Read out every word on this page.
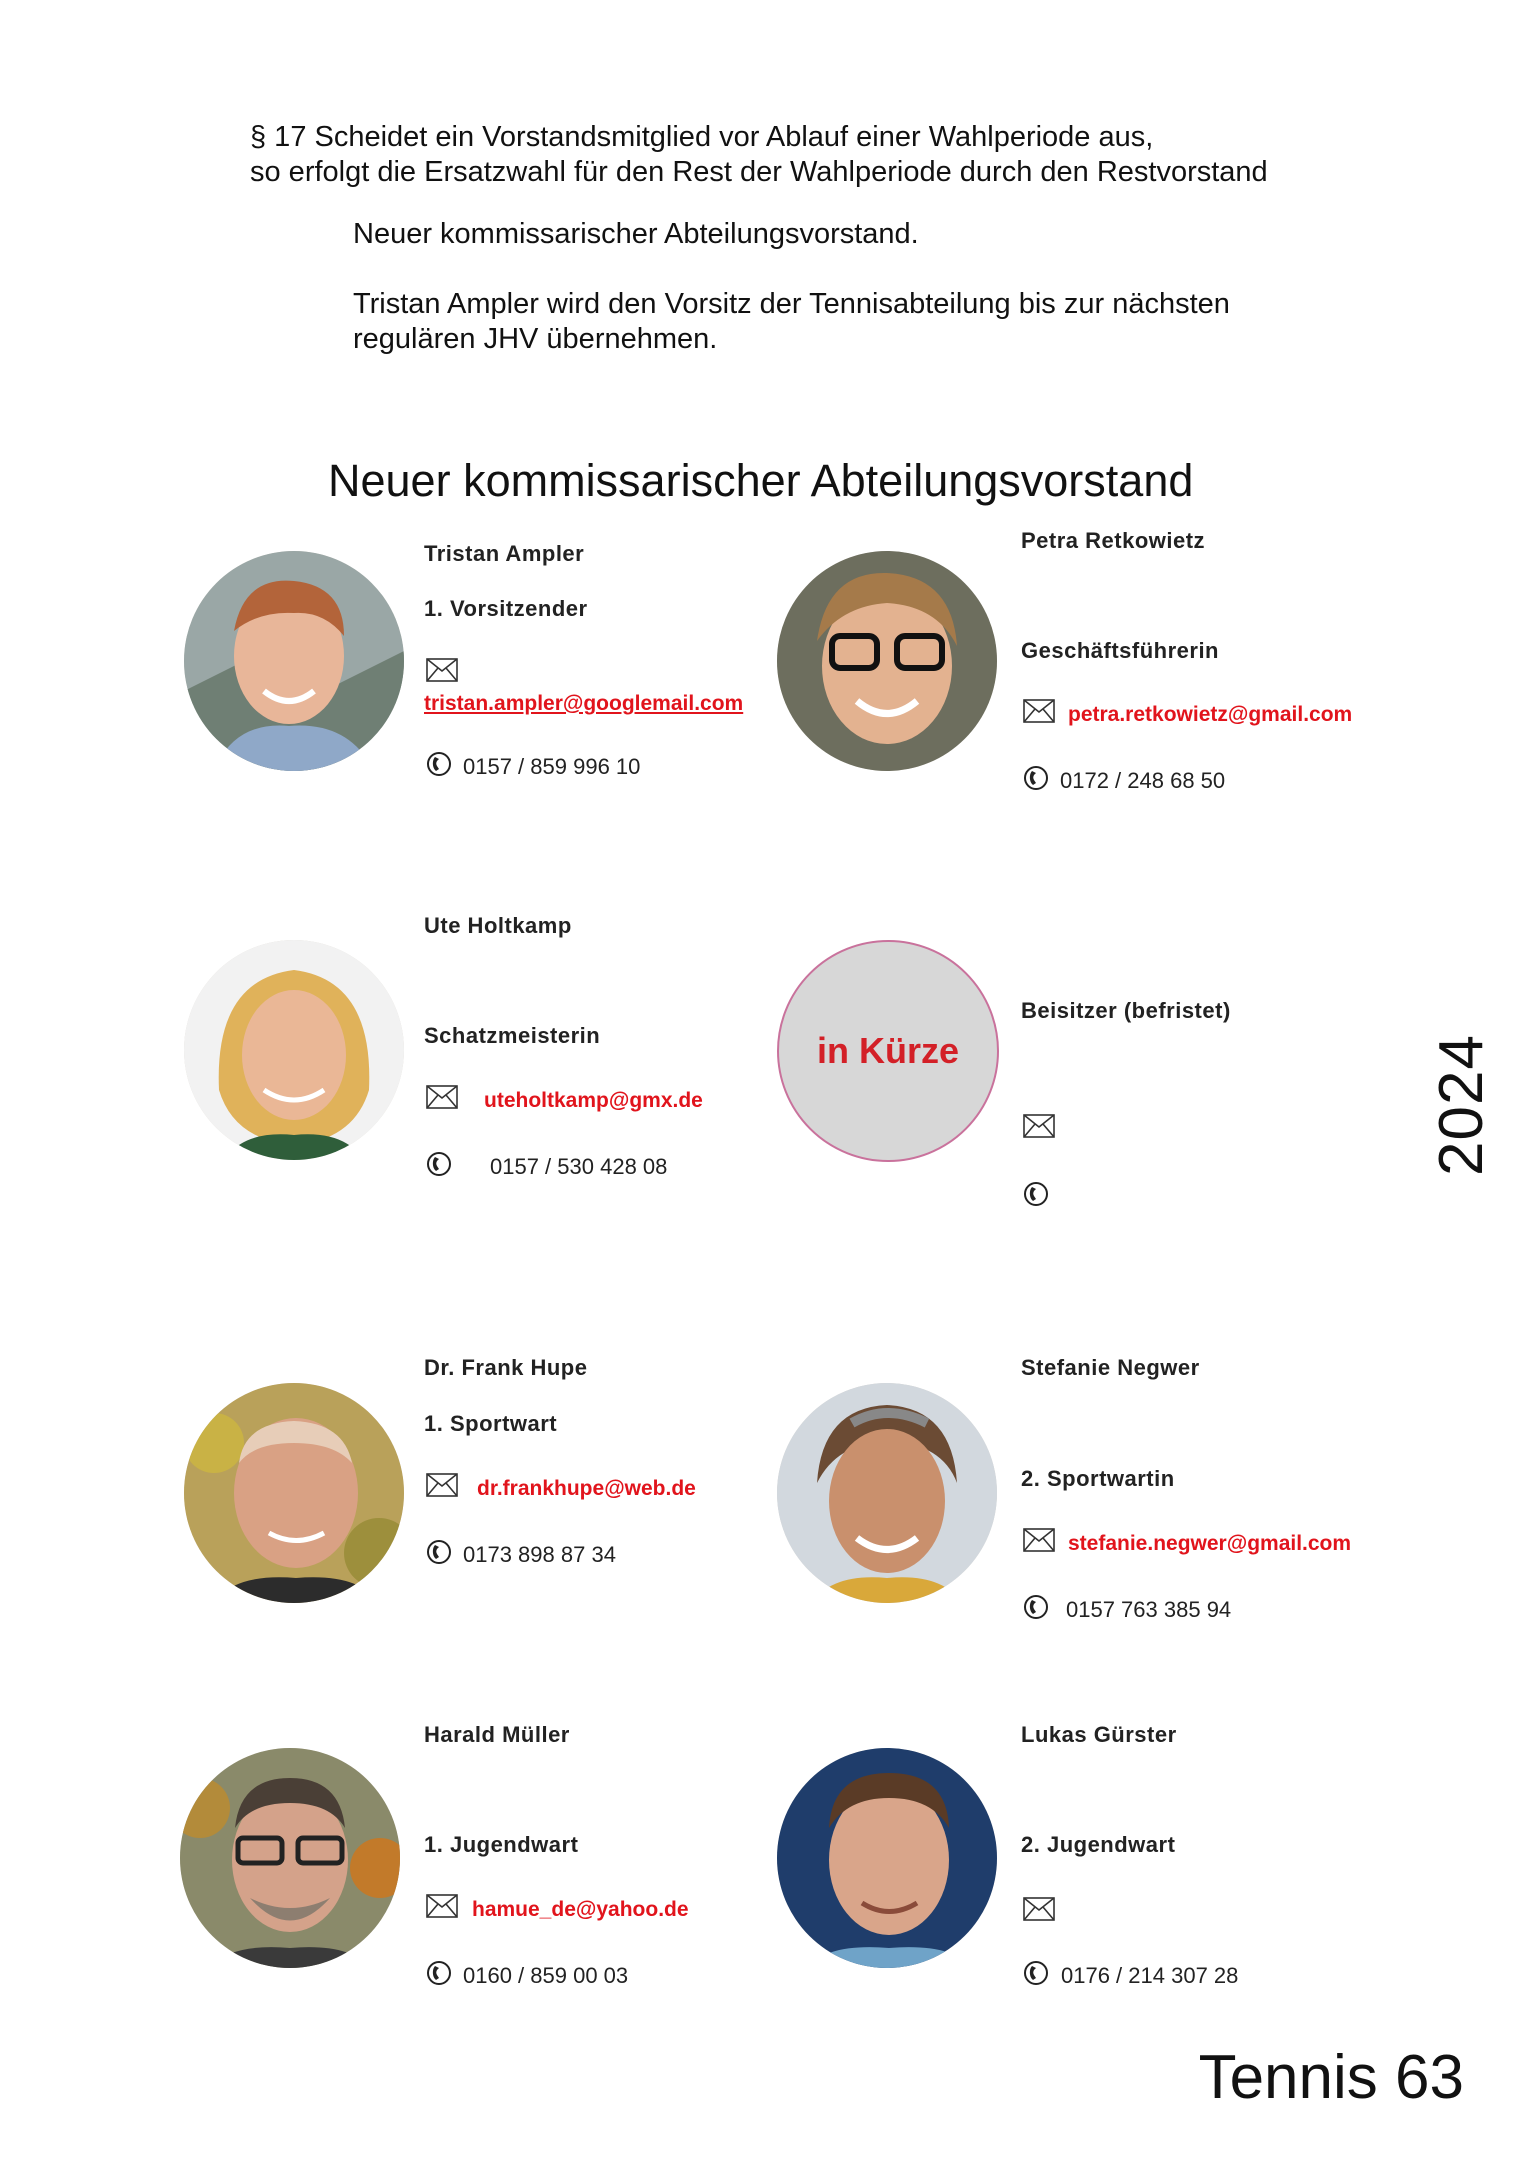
§ 17 Scheidet ein Vorstandsmitglied vor Ablauf einer Wahlperiode aus,
so erfolgt die Ersatzwahl für den Rest der Wahlperiode durch den Restvorstand
Neuer kommissarischer Abteilungsvorstand.
Tristan Ampler wird den Vorsitz der Tennisabteilung bis zur nächsten
regulären JHV übernehmen.
Neuer kommissarischer Abteilungsvorstand
2024
Tennis 63
Tristan Ampler
1. Vorsitzender
tristan.ampler@googlemail.com
0157 / 859 996 10
Petra Retkowietz
Geschäftsführerin
petra.retkowietz@gmail.com
0172 / 248 68 50
Ute Holtkamp
Schatzmeisterin
uteholtkamp@gmx.de
0157 / 530 428 08
in Kürze
Beisitzer (befristet)
Dr. Frank Hupe
1. Sportwart
dr.frankhupe@web.de
0173 898 87 34
Stefanie Negwer
2. Sportwartin
stefanie.negwer@gmail.com
0157 763 385 94
Harald Müller
1. Jugendwart
hamue_de@yahoo.de
0160 / 859 00 03
Lukas Gürster
2. Jugendwart
0176 / 214 307 28
